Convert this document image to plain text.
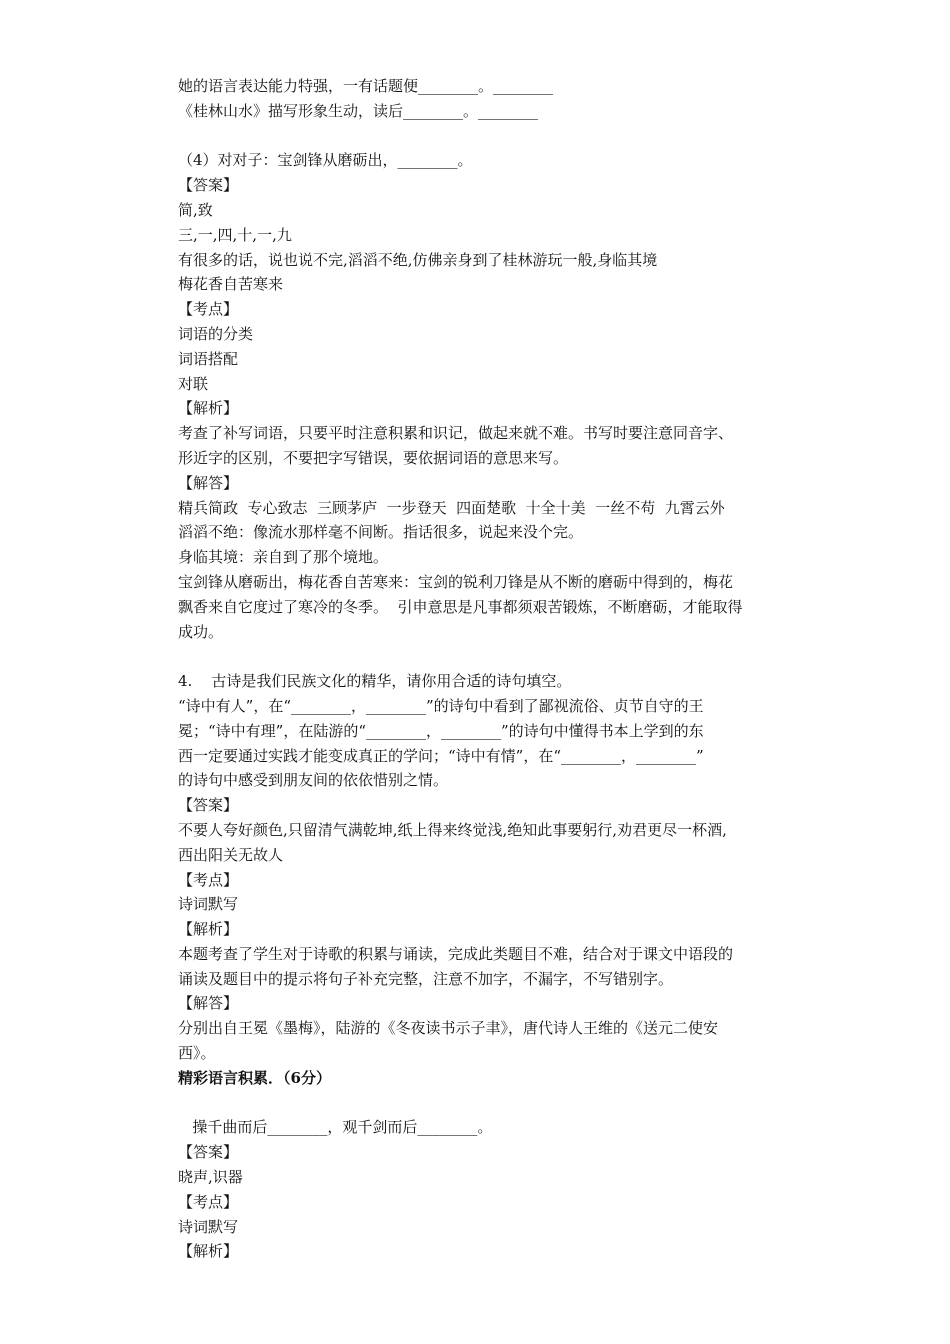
她的语言表达能力特强，一有话题便________。________
《桂林山水》描写形象生动，读后________。________
（4）对对子：宝剑锋从磨砺出，________。
【答案】
简,致
三,一,四,十,一,九
有很多的话，说也说不完,滔滔不绝,仿佛亲身到了桂林游玩一般,身临其境
梅花香自苦寒来
【考点】
词语的分类
词语搭配
对联
【解析】
考查了补写词语，只要平时注意积累和识记，做起来就不难。书写时要注意同音字、
形近字的区别，不要把字写错误，要依据词语的意思来写。
【解答】
精兵简政  专心致志  三顾茅庐  一步登天  四面楚歌  十全十美  一丝不苟  九霄云外
滔滔不绝：像流水那样毫不间断。指话很多，说起来没个完。
身临其境：亲自到了那个境地。
宝剑锋从磨砺出，梅花香自苦寒来：宝剑的锐利刀锋是从不断的磨砺中得到的，梅花
飘香来自它度过了寒冷的冬季。  引申意思是凡事都须艰苦锻炼，不断磨砺，才能取得
成功。
4.    古诗是我们民族文化的精华，请你用合适的诗句填空。
“诗中有人”，在“________，________”的诗句中看到了鄙视流俗、贞节自守的王
冕；“诗中有理”，在陆游的“________，________”的诗句中懂得书本上学到的东
西一定要通过实践才能变成真正的学问；“诗中有情”，在“________，________”
的诗句中感受到朋友间的依依惜别之情。
【答案】
不要人夸好颜色,只留清气满乾坤,纸上得来终觉浅,绝知此事要躬行,劝君更尽一杯酒,
西出阳关无故人
【考点】
诗词默写
【解析】
本题考查了学生对于诗歌的积累与诵读，完成此类题目不难，结合对于课文中语段的
诵读及题目中的提示将句子补充完整，注意不加字，不漏字，不写错别字。
【解答】
分别出自王冕《墨梅》，陆游的《冬夜读书示子聿》，唐代诗人王维的《送元二使安
西》。
精彩语言积累．（6分）
操千曲而后________，观千剑而后________。
【答案】
晓声,识器
【考点】
诗词默写
【解析】
